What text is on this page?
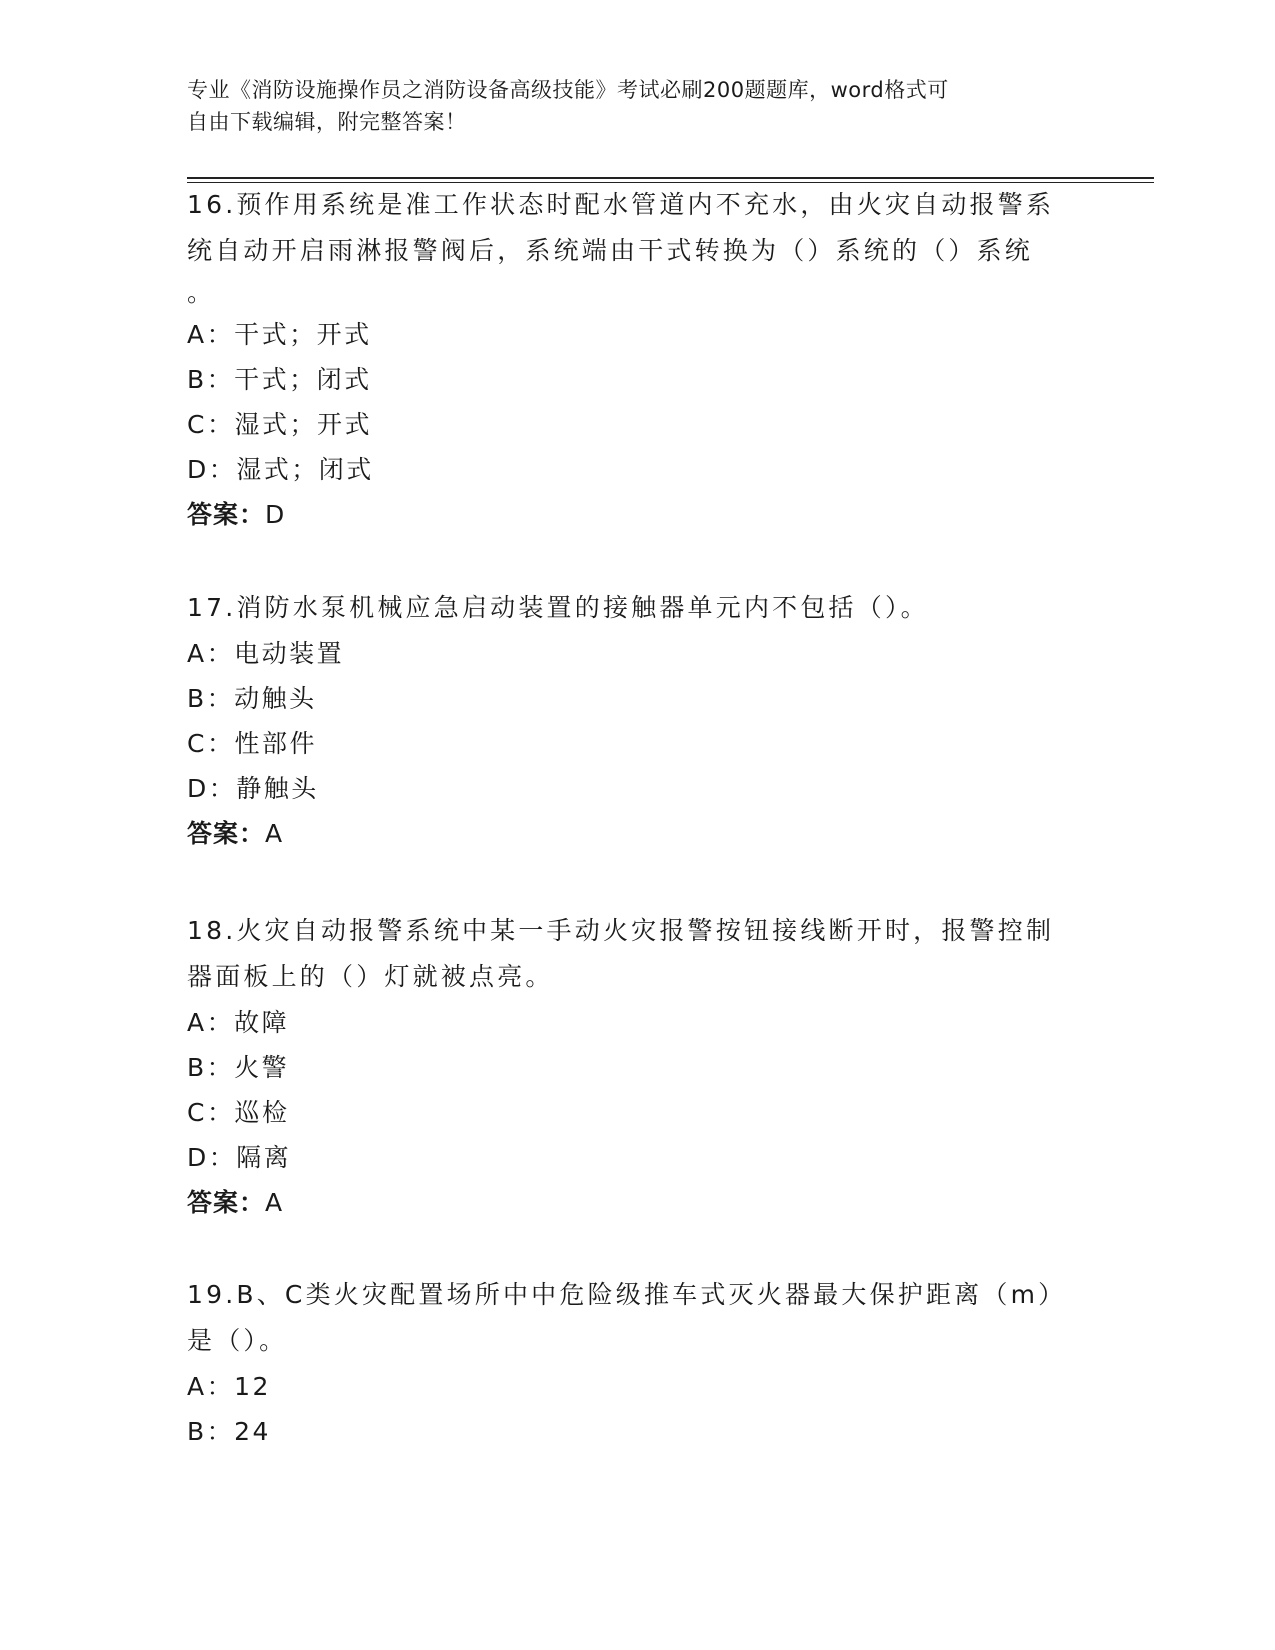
专业《消防设施操作员之消防设备高级技能》考试必刷200题题库，word格式可
自由下载编辑，附完整答案！

16.预作用系统是准工作状态时配水管道内不充水，由火灾自动报警系

统自动开启雨淋报警阀后，系统端由干式转换为（）系统的（）系统

。

A：干式；开式

B：干式；闭式

C：湿式；开式

D：湿式；闭式

答案：D

17.消防水泵机械应急启动装置的接触器单元内不包括（）。

A：电动装置

B：动触头

C：性部件

D：静触头

答案：A

18.火灾自动报警系统中某一手动火灾报警按钮接线断开时，报警控制

器面板上的（）灯就被点亮。

A：故障

B：火警

C：巡检

D：隔离

答案：A

19.B、C类火灾配置场所中中危险级推车式灭火器最大保护距离（m）

是（）。

A：12

B：24
